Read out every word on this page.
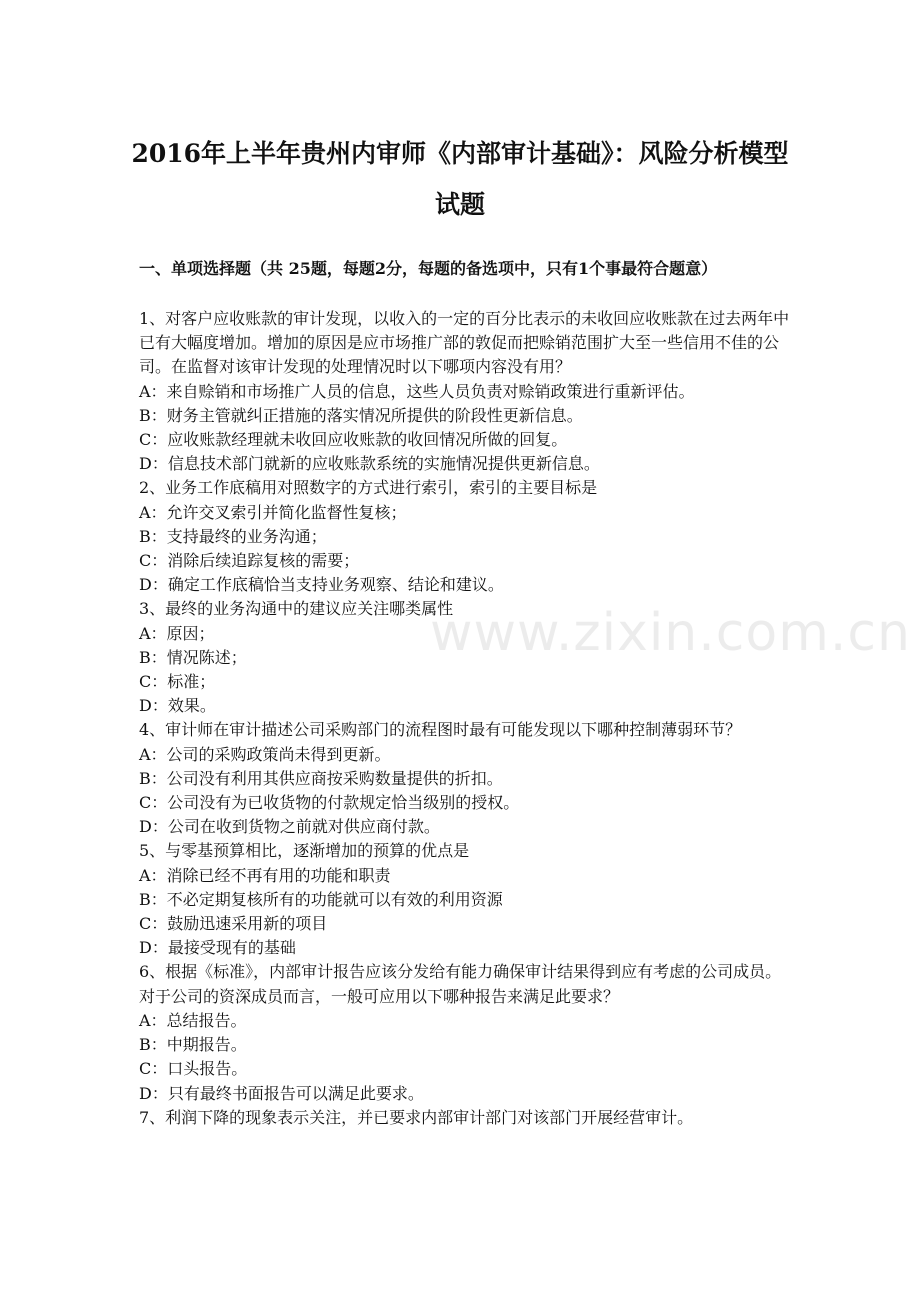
2016年上半年贵州内审师《内部审计基础》：风险分析模型试题

一、单项选择题（共 25题，每题2分，每题的备选项中，只有1个事最符合题意）

1、对客户应收账款的审计发现，以收入的一定的百分比表示的未收回应收账款在过去两年中已有大幅度增加。增加的原因是应市场推广部的敦促而把赊销范围扩大至一些信用不佳的公司。在监督对该审计发现的处理情况时以下哪项内容没有用？

A：来自赊销和市场推广人员的信息，这些人员负责对赊销政策进行重新评估。

B：财务主管就纠正措施的落实情况所提供的阶段性更新信息。

C：应收账款经理就未收回应收账款的收回情况所做的回复。

D：信息技术部门就新的应收账款系统的实施情况提供更新信息。

2、业务工作底稿用对照数字的方式进行索引，索引的主要目标是

A：允许交叉索引并简化监督性复核；

B：支持最终的业务沟通；

C：消除后续追踪复核的需要；

D：确定工作底稿恰当支持业务观察、结论和建议。

3、最终的业务沟通中的建议应关注哪类属性

A：原因；

B：情况陈述；

C：标准；

D：效果。

4、审计师在审计描述公司采购部门的流程图时最有可能发现以下哪种控制薄弱环节？

A：公司的采购政策尚未得到更新。

B：公司没有利用其供应商按采购数量提供的折扣。

C：公司没有为已收货物的付款规定恰当级别的授权。

D：公司在收到货物之前就对供应商付款。

5、与零基预算相比，逐渐增加的预算的优点是

A：消除已经不再有用的功能和职责

B：不必定期复核所有的功能就可以有效的利用资源

C：鼓励迅速采用新的项目

D：最接受现有的基础

6、根据《标准》，内部审计报告应该分发给有能力确保审计结果得到应有考虑的公司成员。对于公司的资深成员而言，一般可应用以下哪种报告来满足此要求？

A：总结报告。

B：中期报告。

C：口头报告。

D：只有最终书面报告可以满足此要求。

7、利润下降的现象表示关注，并已要求内部审计部门对该部门开展经营审计。

www.zixin.com.cn
